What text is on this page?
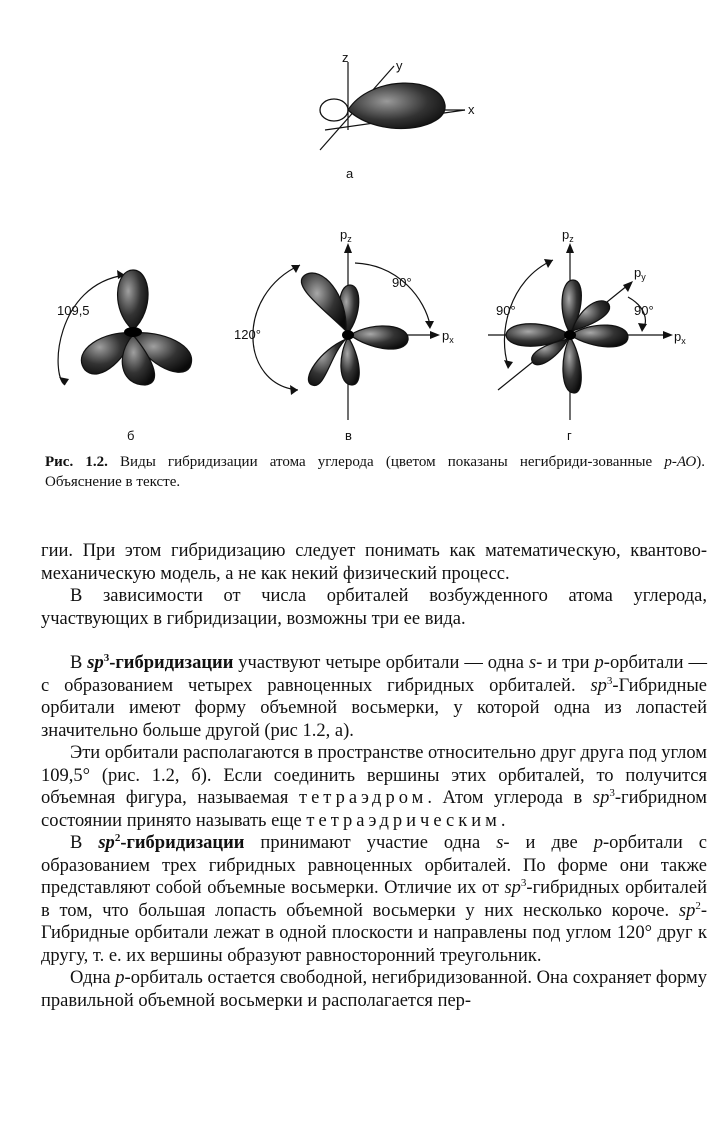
z
y
x
а
109,5
б
$p_z$
$p_x$
120°
90°
в
$p_z$
$p_y$
$p_x$
90°	90°
г
Рис. 1.2. Виды гибридизации атома углерода (цветом показаны негибриди-зованные p-АО). Объяснение в тексте.

гии. При этом гибридизацию следует понимать как математическую, квантово-механическую модель, а не как некий физический процесс.

В зависимости от числа орбиталей возбужденного атома углерода, участвующих в гибридизации, возможны три ее вида.

В $sp^3$-гибридизации участвуют четыре орбитали — одна s- и три p-орбитали — с образованием четырех равноценных гибридных орбиталей. $sp^3$-Гибридные орбитали имеют форму объемной восьмерки, у которой одна из лопастей значительно больше другой (рис 1.2, а).

Эти орбитали располагаются в пространстве относительно друг друга под углом 109,5° (рис. 1.2, б). Если соединить вершины этих орбиталей, то получится объемная фигура, называемая тетраэдром. Атом углерода в $sp^3$-гибридном состоянии принято называть еще тетраэдрическим.

В $sp^2$-гибридизации принимают участие одна s- и две p-орбитали с образованием трех гибридных равноценных орбиталей. По форме они также представляют собой объемные восьмерки. Отличие их от $sp^3$-гибридных орбиталей в том, что большая лопасть объемной восьмерки у них несколько короче. $sp^2$-Гибридные орбитали лежат в одной плоскости и направлены под углом 120° друг к другу, т. е. их вершины образуют равносторонний треугольник.

Одна p-орбиталь остается свободной, негибридизованной. Она сохраняет форму правильной объемной восьмерки и располагается пер-
